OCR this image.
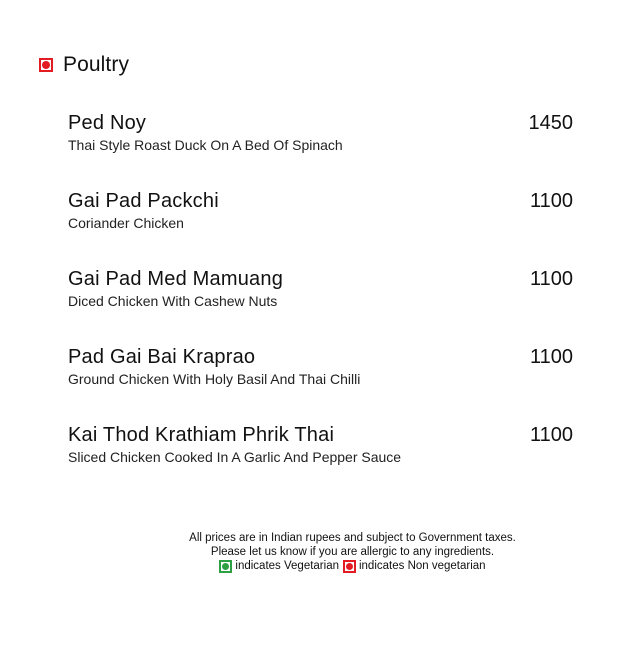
Poultry
Ped Noy	1450
Thai Style Roast Duck On A Bed Of Spinach
Gai Pad Packchi	1100
Coriander Chicken
Gai Pad Med Mamuang	1100
Diced Chicken With Cashew Nuts
Pad Gai Bai Kraprao	1100
Ground Chicken With Holy Basil And Thai Chilli
Kai Thod Krathiam Phrik Thai	1100
Sliced Chicken Cooked In A Garlic And Pepper Sauce
All prices are in Indian rupees and subject to Government taxes.
Please let us know if you are allergic to any ingredients.
indicates Vegetarian indicates Non vegetarian
